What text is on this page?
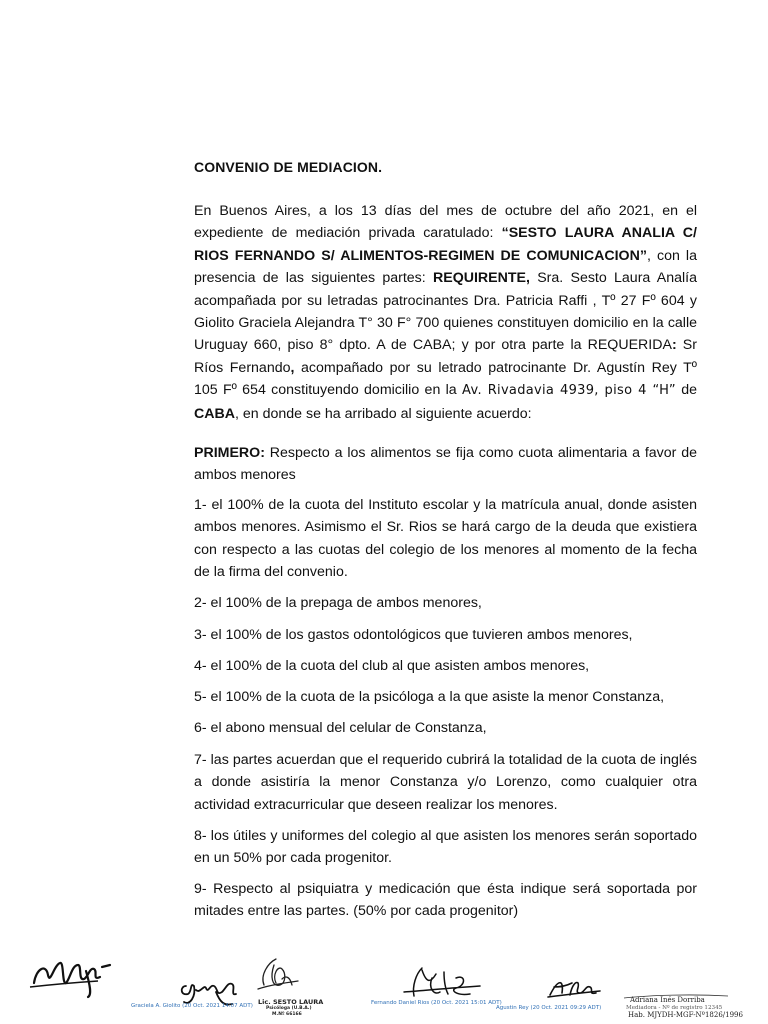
CONVENIO DE MEDIACION.
En Buenos Aires, a los 13 días del mes de octubre del año 2021, en el expediente de mediación privada caratulado: “SESTO LAURA ANALIA C/ RIOS FERNANDO S/ ALIMENTOS-REGIMEN DE COMUNICACION”, con la presencia de las siguientes partes: REQUIRENTE, Sra. Sesto Laura Analía acompañada por su letradas patrocinantes Dra. Patricia Raffi , Tº 27 Fº 604 y Giolito Graciela Alejandra T° 30 F° 700 quienes constituyen domicilio en la calle Uruguay 660, piso 8° dpto. A de CABA; y por otra parte la REQUERIDA: Sr Ríos Fernando, acompañado por su letrado patrocinante Dr. Agustín Rey Tº 105 Fº 654 constituyendo domicilio en la Av. Rivadavia 4939, piso 4 “H” de CABA, en donde se ha arribado al siguiente acuerdo:
PRIMERO: Respecto a los alimentos se fija como cuota alimentaria a favor de ambos menores
1- el 100% de la cuota del Instituto escolar y la matrícula anual, donde asisten ambos menores. Asimismo el Sr. Rios se hará cargo de la deuda que existiera con respecto a las cuotas del colegio de los menores al momento de la fecha de la firma del convenio.
2- el 100% de la prepaga de ambos menores,
3- el 100% de los gastos odontológicos que tuvieren ambos menores,
4- el 100% de la cuota del club al que asisten ambos menores,
5- el 100% de la cuota de la psicóloga a la que asiste la menor Constanza,
6- el abono mensual del celular de Constanza,
7- las partes acuerdan que el requerido cubrirá la totalidad de la cuota de inglés a donde asistiría la menor Constanza y/o Lorenzo, como cualquier otra actividad extracurricular que deseen realizar los menores.
8- los útiles y uniformes del colegio al que asisten los menores serán soportado en un 50% por cada progenitor.
9- Respecto al psiquiatra y medicación que ésta indique será soportada por mitades entre las partes. (50% por cada progenitor)
Graciela A. Giolito (20 Oct. 2021 14:07 ADT) Lic. SESTO LAURA
Psicóloga (U.B.A.)
M.Nº 66166
Fernando Daniel Rios (20 Oct. 2021 15:01 ADT)
Agustin Rey (20 Oct. 2021 09:29 ADT)
Adriana Inés Dorriba
Mediadora - Nº de registro 12345
Hab. MJYDH-MGF-Nº1826/1996
